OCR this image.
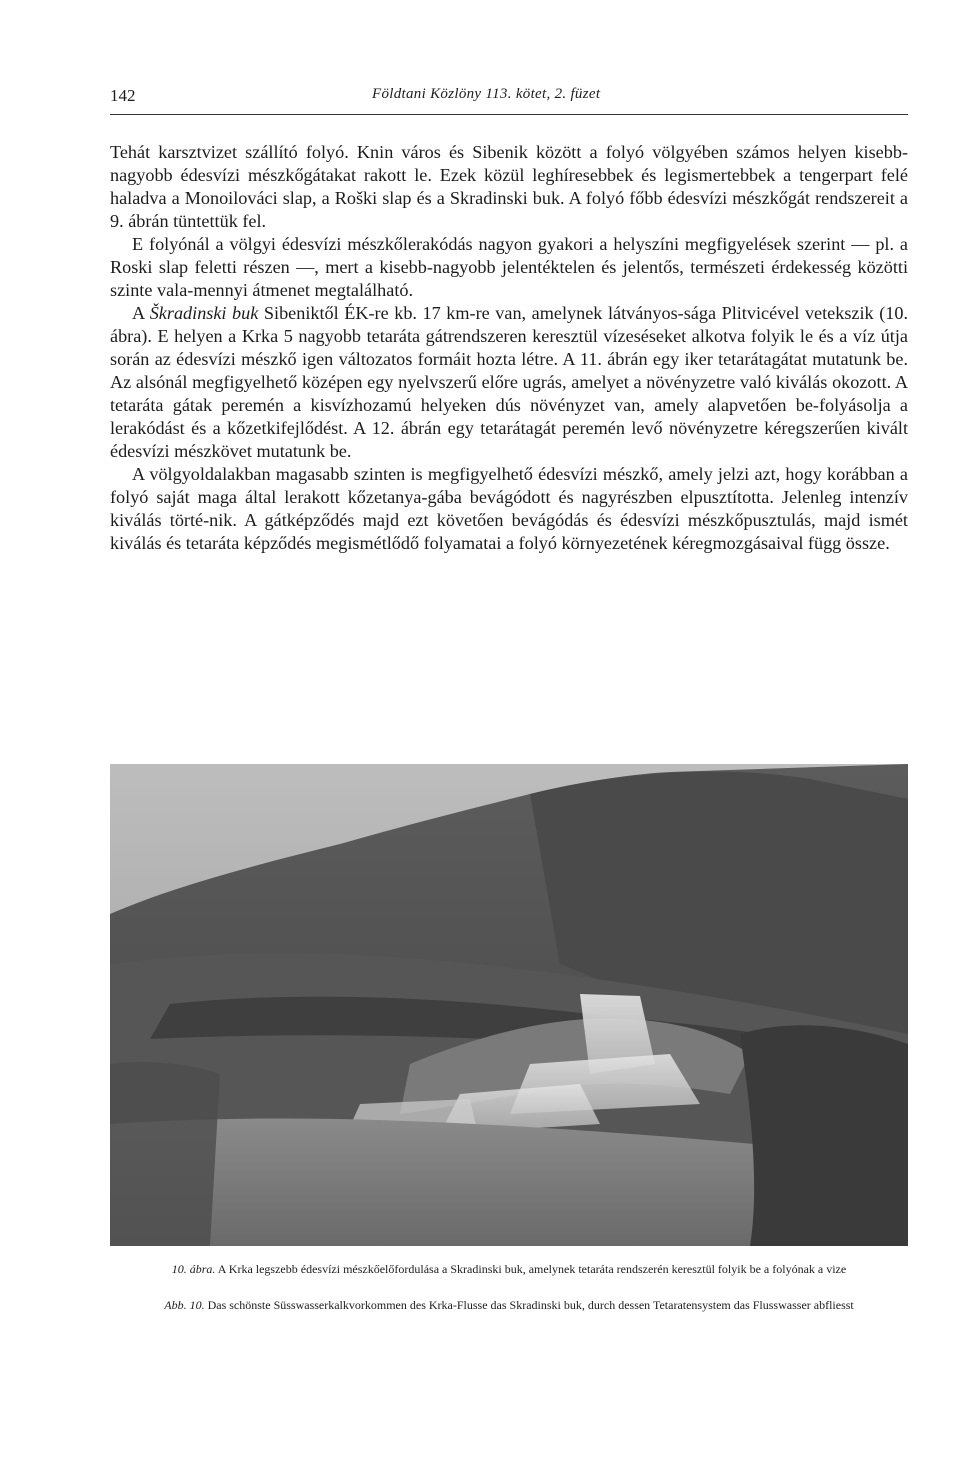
142	Földtani Közlöny 113. kötet, 2. füzet

Tehát karsztvizet szállító folyó. Knin város és Sibenik között a folyó völgyében számos helyen kisebb-nagyobb édesvízi mészkőgátakat rakott le. Ezek közül leghíresebbek és legismertebbek a tengerpart felé haladva a Monoilováci slap, a Roški slap és a Skradinski buk. A folyó főbb édesvízi mészkőgát rendszereit a 9. ábrán tüntettük fel.

E folyónál a völgyi édesvízi mészkőlerakódás nagyon gyakori a helyszíni megfigyelések szerint — pl. a Roski slap feletti részen —, mert a kisebb-nagyobb jelentéktelen és jelentős, természeti érdekesség közötti szinte vala-mennyi átmenet megtalálható.

A Škradinski buk Sibeniktől ÉK-re kb. 17 km-re van, amelynek látványos-sága Plitvicével vetekszik (10. ábra). E helyen a Krka 5 nagyobb tetaráta gátrendszeren keresztül vízeséseket alkotva folyik le és a víz útja során az édesvízi mészkő igen változatos formáit hozta létre. A 11. ábrán egy iker tetarátagátat mutatunk be. Az alsónál megfigyelhető középen egy nyelvszerű előre ugrás, amelyet a növényzetre való kiválás okozott. A tetaráta gátak peremén a kisvízhozamú helyeken dús növényzet van, amely alapvetően be-folyásolja a lerakódást és a kőzetkifejlődést. A 12. ábrán egy tetarátagát peremén levő növényzetre kéregszerűen kivált édesvízi mészkövet mutatunk be.

A völgyoldalakban magasabb szinten is megfigyelhető édesvízi mészkő, amely jelzi azt, hogy korábban a folyó saját maga által lerakott kőzetanya-gába bevágódott és nagyrészben elpusztította. Jelenleg intenzív kiválás törté-nik. A gátképződés majd ezt követően bevágódás és édesvízi mészkőpusztulás, majd ismét kiválás és tetaráta képződés megismétlődő folyamatai a folyó környezetének kéregmozgásaival függ össze.

10. ábra. A Krka legszebb édesvízi mészkőelőfordulása a Skradinski buk, amelynek tetaráta rendszerén keresztül folyik be a folyónak a vize
Abb. 10. Das schönste Süsswasserkalkvorkommen des Krka-Flusse das Skradinski buk, durch dessen Tetaratensystem das Flusswasser abfliesst
